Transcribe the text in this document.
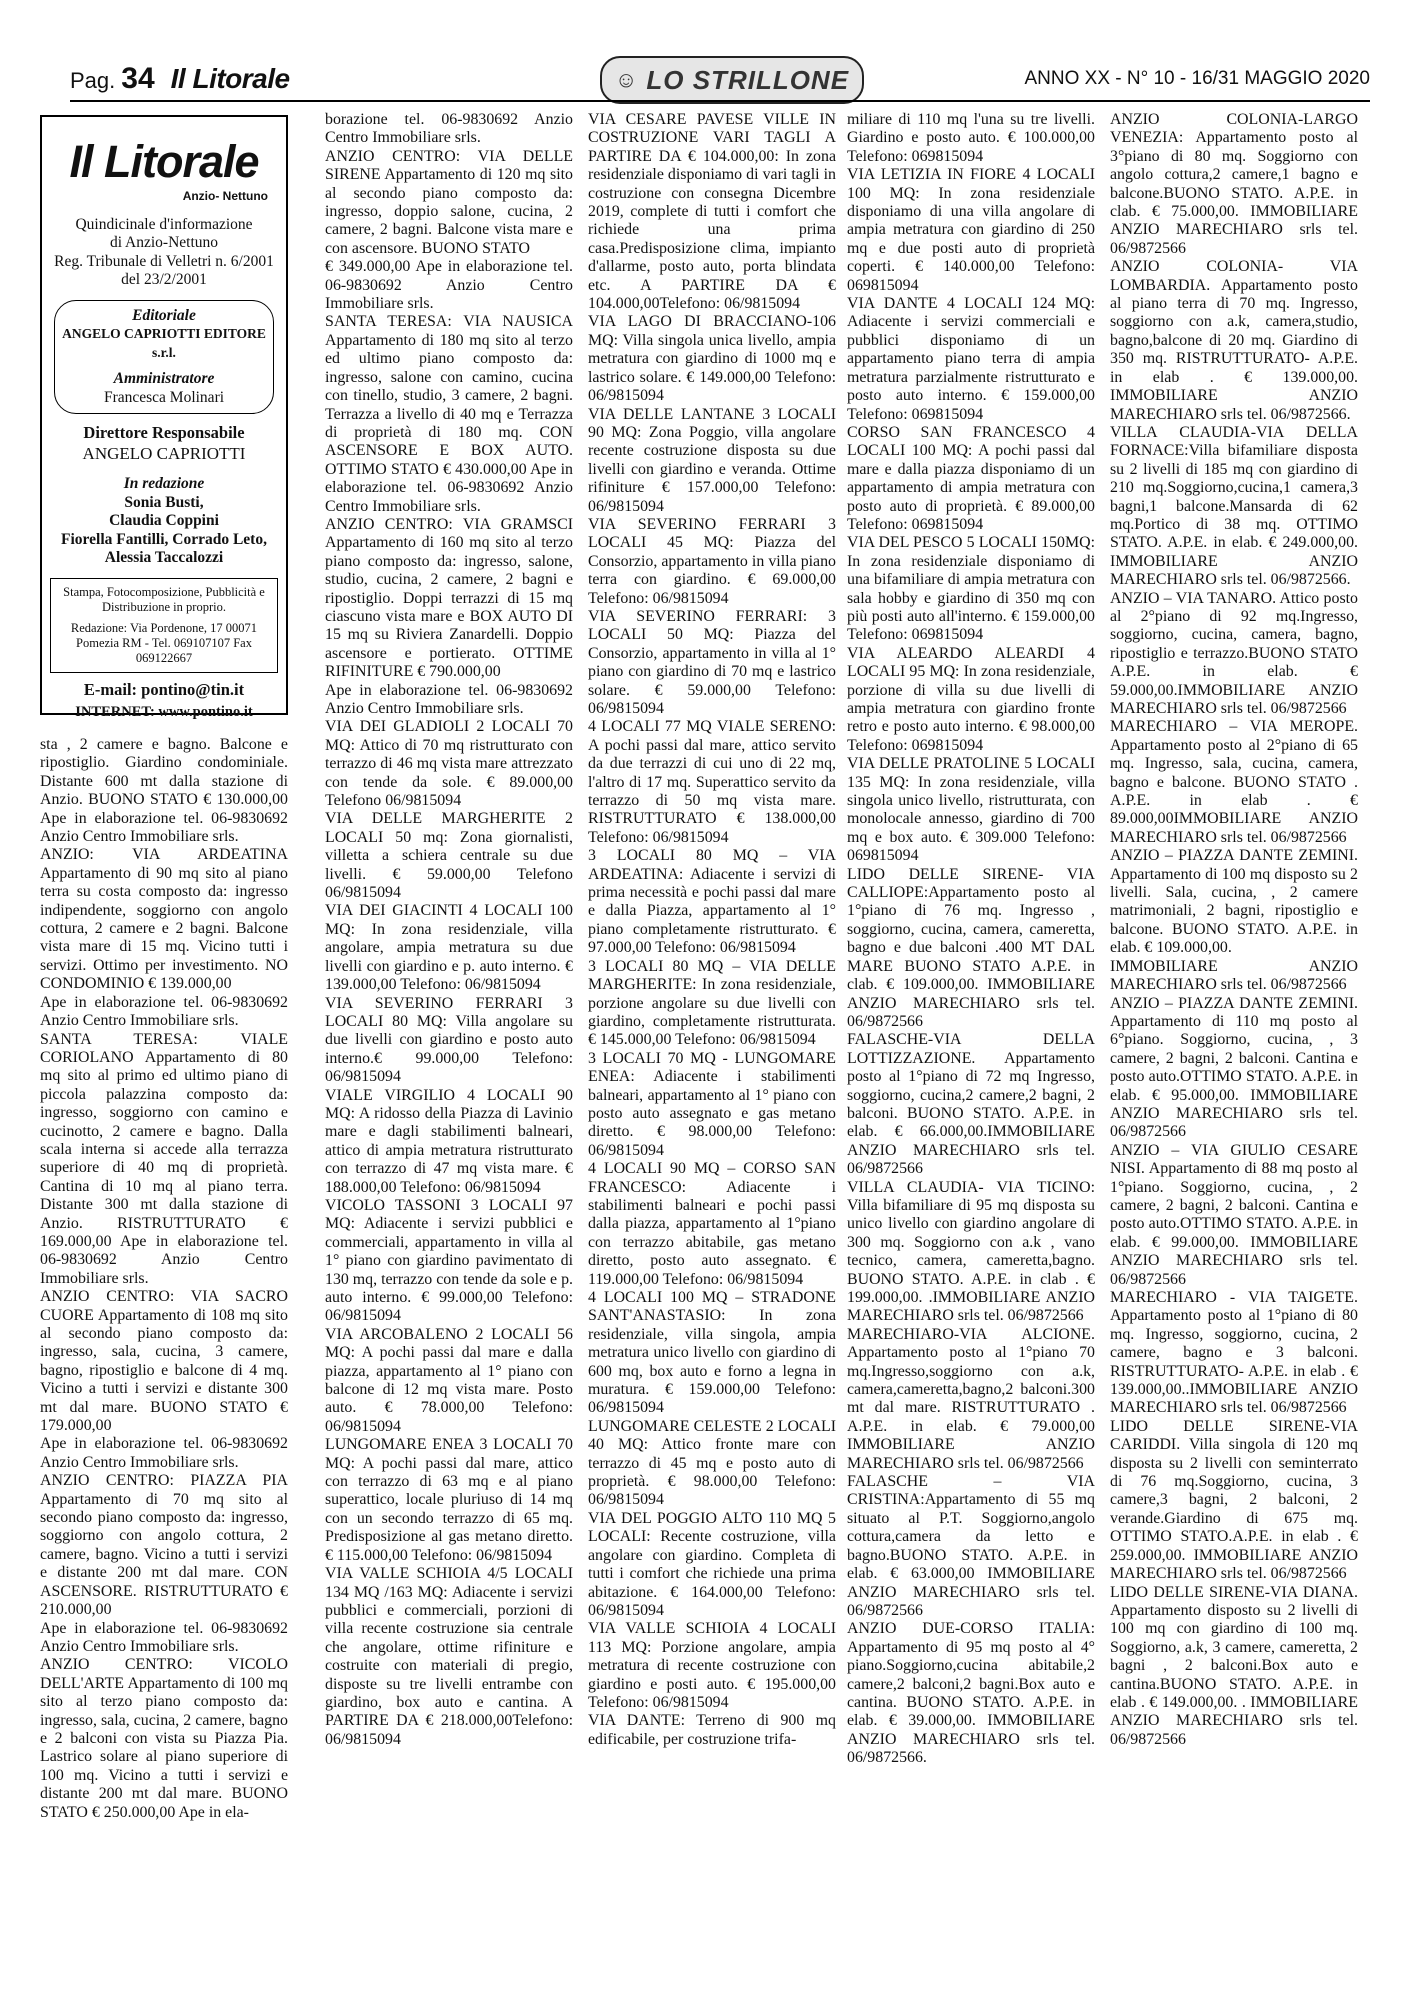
Pag. 34 Il Litorale	☺ LO STRILLONE	ANNO XX - N° 10 - 16/31 MAGGIO 2020
Il Litorale
Anzio- Nettuno
Quindicinale d'informazione
di Anzio-Nettuno
Reg. Tribunale di Velletri n. 6/2001
del 23/2/2001
Editoriale
ANGELO CAPRIOTTI EDITORE s.r.l.
Amministratore
Francesca Molinari
Direttore Responsabile
ANGELO CAPRIOTTI
In redazione
Sonia Busti,
Claudia Coppini
Fiorella Fantilli, Corrado Leto,
Alessia Taccalozzi
Stampa, Fotocomposizione, Pubblicità e Distribuzione in proprio.
Redazione: Via Pordenone, 17 00071 Pomezia RM - Tel. 069107107 Fax 069122667
E-mail: pontino@tin.it
INTERNET: www.pontino.it

sta , 2 camere e bagno. Balcone e ripostiglio. Giardino condominiale. Distante 600 mt dalla stazione di Anzio. BUONO STATO € 130.000,00 Ape in elaborazione tel. 06-9830692 Anzio Centro Immobiliare srls.

ANZIO: VIA ARDEATINA Appartamento di 90 mq sito al piano terra su costa composto da: ingresso indipendente, soggiorno con angolo cottura, 2 camere e 2 bagni. Balcone vista mare di 15 mq. Vicino tutti i servizi. Ottimo per investimento. NO CONDOMINIO € 139.000,00

Ape in elaborazione tel. 06-9830692 Anzio Centro Immobiliare srls.

SANTA TERESA: VIALE CORIOLANO Appartamento di 80 mq sito al primo ed ultimo piano di piccola palazzina composto da: ingresso, soggiorno con camino e cucinotto, 2 camere e bagno. Dalla scala interna si accede alla terrazza superiore di 40 mq di proprietà. Cantina di 10 mq al piano terra. Distante 300 mt dalla stazione di Anzio. RISTRUTTURATO € 169.000,00 Ape in elaborazione tel. 06-9830692 Anzio Centro Immobiliare srls.

ANZIO CENTRO: VIA SACRO CUORE Appartamento di 108 mq sito al secondo piano composto da: ingresso, sala, cucina, 3 camere, bagno, ripostiglio e balcone di 4 mq. Vicino a tutti i servizi e distante 300 mt dal mare. BUONO STATO € 179.000,00

Ape in elaborazione tel. 06-9830692 Anzio Centro Immobiliare srls.

ANZIO CENTRO: PIAZZA PIA Appartamento di 70 mq sito al secondo piano composto da: ingresso, soggiorno con angolo cottura, 2 camere, bagno. Vicino a tutti i servizi e distante 200 mt dal mare. CON ASCENSORE. RISTRUTTURATO € 210.000,00

Ape in elaborazione tel. 06-9830692 Anzio Centro Immobiliare srls.

ANZIO CENTRO: VICOLO DELL'ARTE Appartamento di 100 mq sito al terzo piano composto da: ingresso, sala, cucina, 2 camere, bagno e 2 balconi con vista su Piazza Pia. Lastrico solare al piano superiore di 100 mq. Vicino a tutti i servizi e distante 200 mt dal mare. BUONO STATO € 250.000,00 Ape in ela-

borazione tel. 06-9830692 Anzio Centro Immobiliare srls.

ANZIO CENTRO: VIA DELLE SIRENE Appartamento di 120 mq sito al secondo piano composto da: ingresso, doppio salone, cucina, 2 camere, 2 bagni. Balcone vista mare e con ascensore. BUONO STATO

€ 349.000,00 Ape in elaborazione tel. 06-9830692 Anzio Centro Immobiliare srls.

SANTA TERESA: VIA NAUSICA Appartamento di 180 mq sito al terzo ed ultimo piano composto da: ingresso, salone con camino, cucina con tinello, studio, 3 camere, 2 bagni. Terrazza a livello di 40 mq e Terrazza di proprietà di 180 mq. CON ASCENSORE E BOX AUTO. OTTIMO STATO € 430.000,00 Ape in elaborazione tel. 06-9830692 Anzio Centro Immobiliare srls.

ANZIO CENTRO: VIA GRAMSCI Appartamento di 160 mq sito al terzo piano composto da: ingresso, salone, studio, cucina, 2 camere, 2 bagni e ripostiglio. Doppi terrazzi di 15 mq ciascuno vista mare e BOX AUTO DI 15 mq su Riviera Zanardelli. Doppio ascensore e portierato. OTTIME RIFINITURE € 790.000,00

Ape in elaborazione tel. 06-9830692 Anzio Centro Immobiliare srls.

VIA DEI GLADIOLI 2 LOCALI 70 MQ: Attico di 70 mq ristrutturato con terrazzo di 46 mq vista mare attrezzato con tende da sole. € 89.000,00 Telefono 06/9815094

VIA DELLE MARGHERITE 2 LOCALI 50 mq: Zona giornalisti, villetta a schiera centrale su due livelli. € 59.000,00 Telefono 06/9815094

VIA DEI GIACINTI 4 LOCALI 100 MQ: In zona residenziale, villa angolare, ampia metratura su due livelli con giardino e p. auto interno. € 139.000,00 Telefono: 06/9815094

VIA SEVERINO FERRARI 3 LOCALI 80 MQ: Villa angolare su due livelli con giardino e posto auto interno.€ 99.000,00 Telefono: 06/9815094

VIALE VIRGILIO 4 LOCALI 90 MQ: A ridosso della Piazza di Lavinio mare e dagli stabilimenti balneari, attico di ampia metratura ristrutturato con terrazzo di 47 mq vista mare. € 188.000,00 Telefono: 06/9815094

VICOLO TASSONI 3 LOCALI 97 MQ: Adiacente i servizi pubblici e commerciali, appartamento in villa al 1° piano con giardino pavimentato di 130 mq, terrazzo con tende da sole e p. auto interno. € 99.000,00 Telefono: 06/9815094

VIA ARCOBALENO 2 LOCALI 56 MQ: A pochi passi dal mare e dalla piazza, appartamento al 1° piano con balcone di 12 mq vista mare. Posto auto. € 78.000,00 Telefono: 06/9815094

LUNGOMARE ENEA 3 LOCALI 70 MQ: A pochi passi dal mare, attico con terrazzo di 63 mq e al piano superattico, locale pluriuso di 14 mq con un secondo terrazzo di 65 mq. Predisposizione al gas metano diretto. € 115.000,00 Telefono: 06/9815094

VIA VALLE SCHIOIA 4/5 LOCALI 134 MQ /163 MQ: Adiacente i servizi pubblici e commerciali, porzioni di villa recente costruzione sia centrale che angolare, ottime rifiniture e costruite con materiali di pregio, disposte su tre livelli entrambe con giardino, box auto e cantina. A PARTIRE DA € 218.000,00Telefono: 06/9815094

VIA CESARE PAVESE VILLE IN COSTRUZIONE VARI TAGLI A PARTIRE DA € 104.000,00: In zona residenziale disponiamo di vari tagli in costruzione con consegna Dicembre 2019, complete di tutti i comfort che richiede una prima casa.Predisposizione clima, impianto d'allarme, posto auto, porta blindata etc. A PARTIRE DA € 104.000,00Telefono: 06/9815094

VIA LAGO DI BRACCIANO-106 MQ: Villa singola unica livello, ampia metratura con giardino di 1000 mq e lastrico solare. € 149.000,00 Telefono: 06/9815094

VIA DELLE LANTANE 3 LOCALI 90 MQ: Zona Poggio, villa angolare recente costruzione disposta su due livelli con giardino e veranda. Ottime rifiniture € 157.000,00 Telefono: 06/9815094

VIA SEVERINO FERRARI 3 LOCALI 45 MQ: Piazza del Consorzio, appartamento in villa piano terra con giardino. € 69.000,00 Telefono: 06/9815094

VIA SEVERINO FERRARI: 3 LOCALI 50 MQ: Piazza del Consorzio, appartamento in villa al 1° piano con giardino di 70 mq e lastrico solare. € 59.000,00 Telefono: 06/9815094

4 LOCALI 77 MQ VIALE SERENO: A pochi passi dal mare, attico servito da due terrazzi di cui uno di 22 mq, l'altro di 17 mq. Superattico servito da terrazzo di 50 mq vista mare. RISTRUTTURATO € 138.000,00 Telefono: 06/9815094

3 LOCALI 80 MQ – VIA ARDEATINA: Adiacente i servizi di prima necessità e pochi passi dal mare e dalla Piazza, appartamento al 1° piano completamente ristrutturato. € 97.000,00 Telefono: 06/9815094

3 LOCALI 80 MQ – VIA DELLE MARGHERITE: In zona residenziale, porzione angolare su due livelli con giardino, completamente ristrutturata. € 145.000,00 Telefono: 06/9815094

3 LOCALI 70 MQ - LUNGOMARE ENEA: Adiacente i stabilimenti balneari, appartamento al 1° piano con posto auto assegnato e gas metano diretto. € 98.000,00 Telefono: 06/9815094

4 LOCALI 90 MQ – CORSO SAN FRANCESCO: Adiacente i stabilimenti balneari e pochi passi dalla piazza, appartamento al 1°piano con terrazzo abitabile, gas metano diretto, posto auto assegnato. € 119.000,00 Telefono: 06/9815094

4 LOCALI 100 MQ – STRADONE SANT'ANASTASIO: In zona residenziale, villa singola, ampia metratura unico livello con giardino di 600 mq, box auto e forno a legna in muratura. € 159.000,00 Telefono: 06/9815094

LUNGOMARE CELESTE 2 LOCALI 40 MQ: Attico fronte mare con terrazzo di 45 mq e posto auto di proprietà. € 98.000,00 Telefono: 06/9815094

VIA DEL POGGIO ALTO 110 MQ 5 LOCALI: Recente costruzione, villa angolare con giardino. Completa di tutti i comfort che richiede una prima abitazione. € 164.000,00 Telefono: 06/9815094

VIA VALLE SCHIOIA 4 LOCALI 113 MQ: Porzione angolare, ampia metratura di recente costruzione con giardino e posti auto. € 195.000,00 Telefono: 06/9815094

VIA DANTE: Terreno di 900 mq edificabile, per costruzione trifa-

miliare di 110 mq l'una su tre livelli. Giardino e posto auto. € 100.000,00 Telefono: 069815094

VIA LETIZIA IN FIORE 4 LOCALI 100 MQ: In zona residenziale disponiamo di una villa angolare di ampia metratura con giardino di 250 mq e due posti auto di proprietà coperti. € 140.000,00 Telefono: 069815094

VIA DANTE 4 LOCALI 124 MQ: Adiacente i servizi commerciali e pubblici disponiamo di un appartamento piano terra di ampia metratura parzialmente ristrutturato e posto auto interno. € 159.000,00 Telefono: 069815094

CORSO SAN FRANCESCO 4 LOCALI 100 MQ: A pochi passi dal mare e dalla piazza disponiamo di un appartamento di ampia metratura con posto auto di proprietà. € 89.000,00 Telefono: 069815094

VIA DEL PESCO 5 LOCALI 150MQ: In zona residenziale disponiamo di una bifamiliare di ampia metratura con sala hobby e giardino di 350 mq con più posti auto all'interno. € 159.000,00 Telefono: 069815094

VIA ALEARDO ALEARDI 4 LOCALI 95 MQ: In zona residenziale, porzione di villa su due livelli di ampia metratura con giardino fronte retro e posto auto interno. € 98.000,00 Telefono: 069815094

VIA DELLE PRATOLINE 5 LOCALI 135 MQ: In zona residenziale, villa singola unico livello, ristrutturata, con monolocale annesso, giardino di 700 mq e box auto. € 309.000 Telefono: 069815094

LIDO DELLE SIRENE- VIA CALLIOPE:Appartamento posto al 1°piano di 76 mq. Ingresso , soggiorno, cucina, camera, cameretta, bagno e due balconi .400 MT DAL MARE BUONO STATO A.P.E. in clab. € 109.000,00. IMMOBILIARE ANZIO MARECHIARO srls tel. 06/9872566

FALASCHE-VIA DELLA LOTTIZZAZIONE. Appartamento posto al 1°piano di 72 mq Ingresso, soggiorno, cucina,2 camere,2 bagni, 2 balconi. BUONO STATO. A.P.E. in elab. € 66.000,00.IMMOBILIARE ANZIO MARECHIARO srls tel. 06/9872566

VILLA CLAUDIA- VIA TICINO: Villa bifamiliare di 95 mq disposta su unico livello con giardino angolare di 300 mq. Soggiorno con a.k , vano tecnico, camera, cameretta,bagno. BUONO STATO. A.P.E. in clab . € 199.000,00. .IMMOBILIARE ANZIO MARECHIARO srls tel. 06/9872566

MARECHIARO-VIA ALCIONE. Appartamento posto al 1°piano 70 mq.Ingresso,soggiorno con a.k, camera,cameretta,bagno,2 balconi.300 mt dal mare. RISTRUTTURATO . A.P.E. in elab. € 79.000,00 IMMOBILIARE ANZIO MARECHIARO srls tel. 06/9872566

FALASCHE – VIA CRISTINA:Appartamento di 55 mq situato al P.T. Soggiorno,angolo cottura,camera da letto e bagno.BUONO STATO. A.P.E. in elab. € 63.000,00 IMMOBILIARE ANZIO MARECHIARO srls tel. 06/9872566

ANZIO DUE-CORSO ITALIA: Appartamento di 95 mq posto al 4° piano.Soggiorno,cucina abitabile,2 camere,2 balconi,2 bagni.Box auto e cantina. BUONO STATO. A.P.E. in elab. € 39.000,00. IMMOBILIARE ANZIO MARECHIARO srls tel. 06/9872566.

ANZIO COLONIA-LARGO VENEZIA: Appartamento posto al 3°piano di 80 mq. Soggiorno con angolo cottura,2 camere,1 bagno e balcone.BUONO STATO. A.P.E. in clab. € 75.000,00. IMMOBILIARE ANZIO MARECHIARO srls tel. 06/9872566

ANZIO COLONIA- VIA LOMBARDIA. Appartamento posto al piano terra di 70 mq. Ingresso, soggiorno con a.k, camera,studio, bagno,balcone di 20 mq. Giardino di 350 mq. RISTRUTTURATO- A.P.E. in elab . € 139.000,00. IMMOBILIARE ANZIO MARECHIARO srls tel. 06/9872566.

VILLA CLAUDIA-VIA DELLA FORNACE:Villa bifamiliare disposta su 2 livelli di 185 mq con giardino di 210 mq.Soggiorno,cucina,1 camera,3 bagni,1 balcone.Mansarda di 62 mq.Portico di 38 mq. OTTIMO STATO. A.P.E. in elab. € 249.000,00. IMMOBILIARE ANZIO MARECHIARO srls tel. 06/9872566.

ANZIO – VIA TANARO. Attico posto al 2°piano di 92 mq.Ingresso, soggiorno, cucina, camera, bagno, ripostiglio e terrazzo.BUONO STATO A.P.E. in elab. € 59.000,00.IMMOBILIARE ANZIO MARECHIARO srls tel. 06/9872566

MARECHIARO – VIA MEROPE. Appartamento posto al 2°piano di 65 mq. Ingresso, sala, cucina, camera, bagno e balcone. BUONO STATO . A.P.E. in elab . € 89.000,00IMMOBILIARE ANZIO MARECHIARO srls tel. 06/9872566

ANZIO – PIAZZA DANTE ZEMINI. Appartamento di 100 mq disposto su 2 livelli. Sala, cucina, , 2 camere matrimoniali, 2 bagni, ripostiglio e balcone. BUONO STATO. A.P.E. in elab. € 109.000,00.

IMMOBILIARE ANZIO MARECHIARO srls tel. 06/9872566

ANZIO – PIAZZA DANTE ZEMINI. Appartamento di 110 mq posto al 6°piano. Soggiorno, cucina, , 3 camere, 2 bagni, 2 balconi. Cantina e posto auto.OTTIMO STATO. A.P.E. in elab. € 95.000,00. IMMOBILIARE ANZIO MARECHIARO srls tel. 06/9872566

ANZIO – VIA GIULIO CESARE NISI. Appartamento di 88 mq posto al 1°piano. Soggiorno, cucina, , 2 camere, 2 bagni, 2 balconi. Cantina e posto auto.OTTIMO STATO. A.P.E. in elab. € 99.000,00. IMMOBILIARE ANZIO MARECHIARO srls tel. 06/9872566

MARECHIARO - VIA TAIGETE. Appartamento posto al 1°piano di 80 mq. Ingresso, soggiorno, cucina, 2 camere, bagno e 3 balconi. RISTRUTTURATO- A.P.E. in elab . € 139.000,00..IMMOBILIARE ANZIO MARECHIARO srls tel. 06/9872566

LIDO DELLE SIRENE-VIA CARIDDI. Villa singola di 120 mq disposta su 2 livelli con seminterrato di 76 mq.Soggiorno, cucina, 3 camere,3 bagni, 2 balconi, 2 verande.Giardino di 675 mq. OTTIMO STATO.A.P.E. in elab . € 259.000,00. IMMOBILIARE ANZIO MARECHIARO srls tel. 06/9872566

LIDO DELLE SIRENE-VIA DIANA. Appartamento disposto su 2 livelli di 100 mq con giardino di 100 mq. Soggiorno, a.k, 3 camere, cameretta, 2 bagni , 2 balconi.Box auto e cantina.BUONO STATO. A.P.E. in elab . € 149.000,00. . IMMOBILIARE ANZIO MARECHIARO srls tel. 06/9872566
